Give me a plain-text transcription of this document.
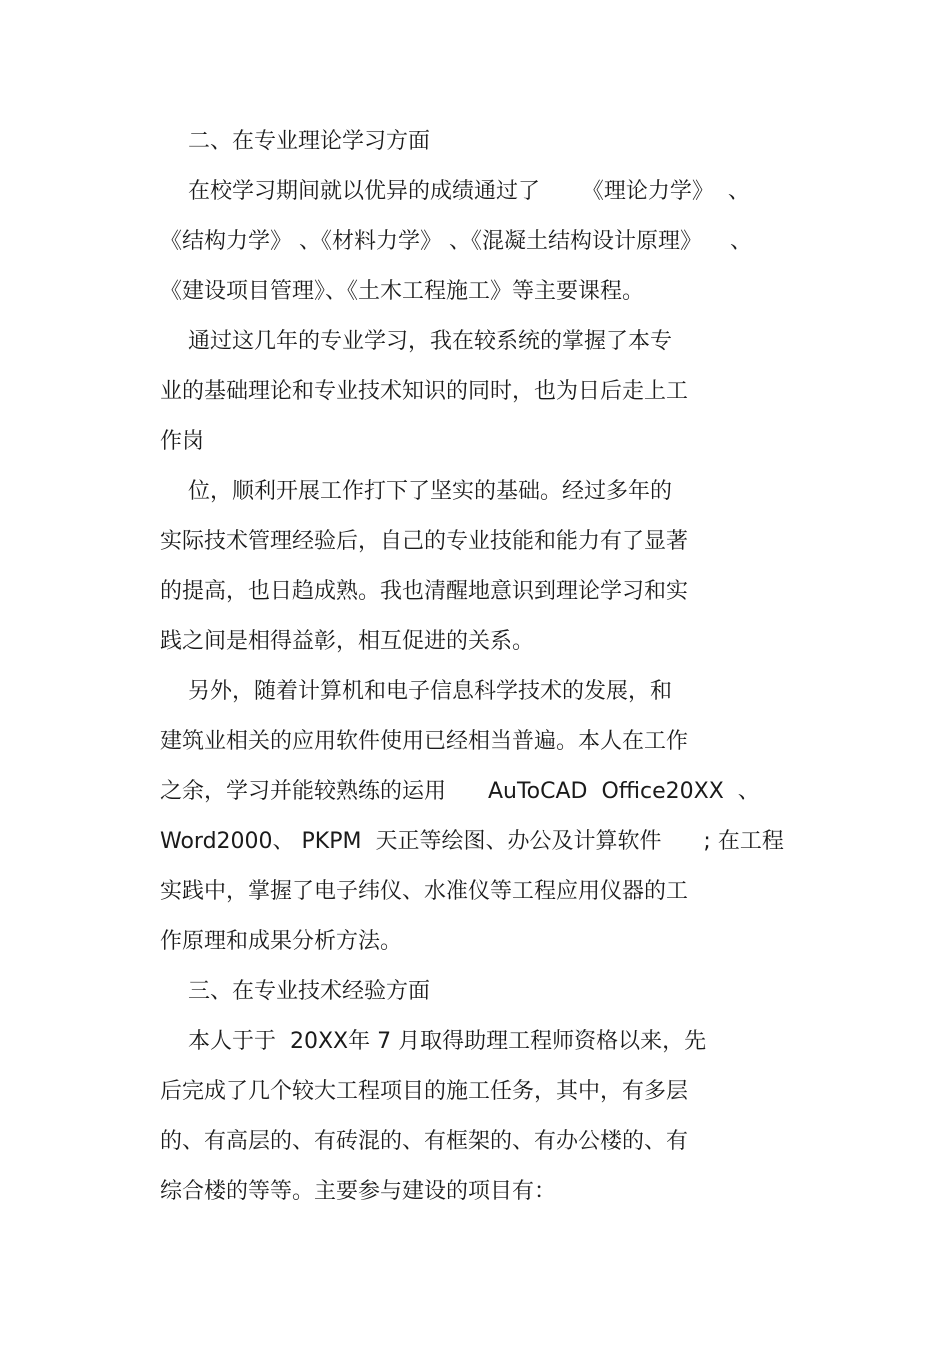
二、在专业理论学习方面

在校学习期间就以优异的成绩通过了      《理论力学》  、

《结构力学》 、《材料力学》 、《混凝土结构设计原理》    、

《建设项目管理》、《土木工程施工》等主要课程。

通过这几年的专业学习，我在较系统的掌握了本专

业的基础理论和专业技术知识的同时，也为日后走上工

作岗

位，顺利开展工作打下了坚实的基础。经过多年的

实际技术管理经验后，自己的专业技能和能力有了显著

的提高，也日趋成熟。我也清醒地意识到理论学习和实

践之间是相得益彰，相互促进的关系。

另外，随着计算机和电子信息科学技术的发展，和

建筑业相关的应用软件使用已经相当普遍。本人在工作

之余，学习并能较熟练的运用      AuToCAD  Office20XX  、

Word2000、 PKPM  天正等绘图、办公及计算软件      ; 在工程

实践中，掌握了电子纬仪、水准仪等工程应用仪器的工

作原理和成果分析方法。

三、在专业技术经验方面

本人于于  20XX年 7 月取得助理工程师资格以来，先

后完成了几个较大工程项目的施工任务，其中，有多层

的、有高层的、有砖混的、有框架的、有办公楼的、有

综合楼的等等。主要参与建设的项目有：
